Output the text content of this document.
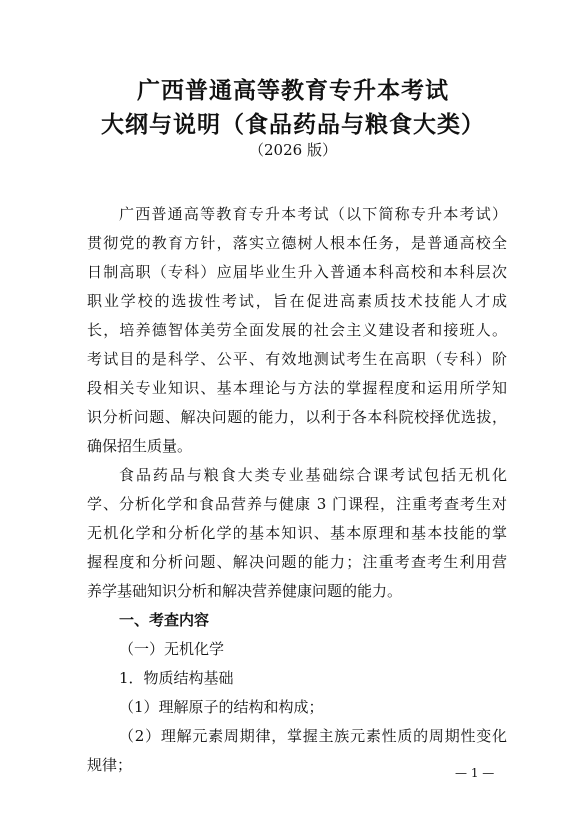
广西普通高等教育专升本考试
大纲与说明（食品药品与粮食大类）
（2026 版）
广西普通高等教育专升本考试（以下简称专升本考试）
贯彻党的教育方针，落实立德树人根本任务，是普通高校全
日制高职（专科）应届毕业生升入普通本科高校和本科层次
职业学校的选拔性考试，旨在促进高素质技术技能人才成
长，培养德智体美劳全面发展的社会主义建设者和接班人。
考试目的是科学、公平、有效地测试考生在高职（专科）阶
段相关专业知识、基本理论与方法的掌握程度和运用所学知
识分析问题、解决问题的能力，以利于各本科院校择优选拔，
确保招生质量。
食品药品与粮食大类专业基础综合课考试包括无机化
学、分析化学和食品营养与健康 3 门课程，注重考查考生对
无机化学和分析化学的基本知识、基本原理和基本技能的掌
握程度和分析问题、解决问题的能力；注重考查考生利用营
养学基础知识分析和解决营养健康问题的能力。
一、考查内容
（一）无机化学
1．物质结构基础
（1）理解原子的结构和构成；
（2）理解元素周期律，掌握主族元素性质的周期性变化
规律；	— 1 —
